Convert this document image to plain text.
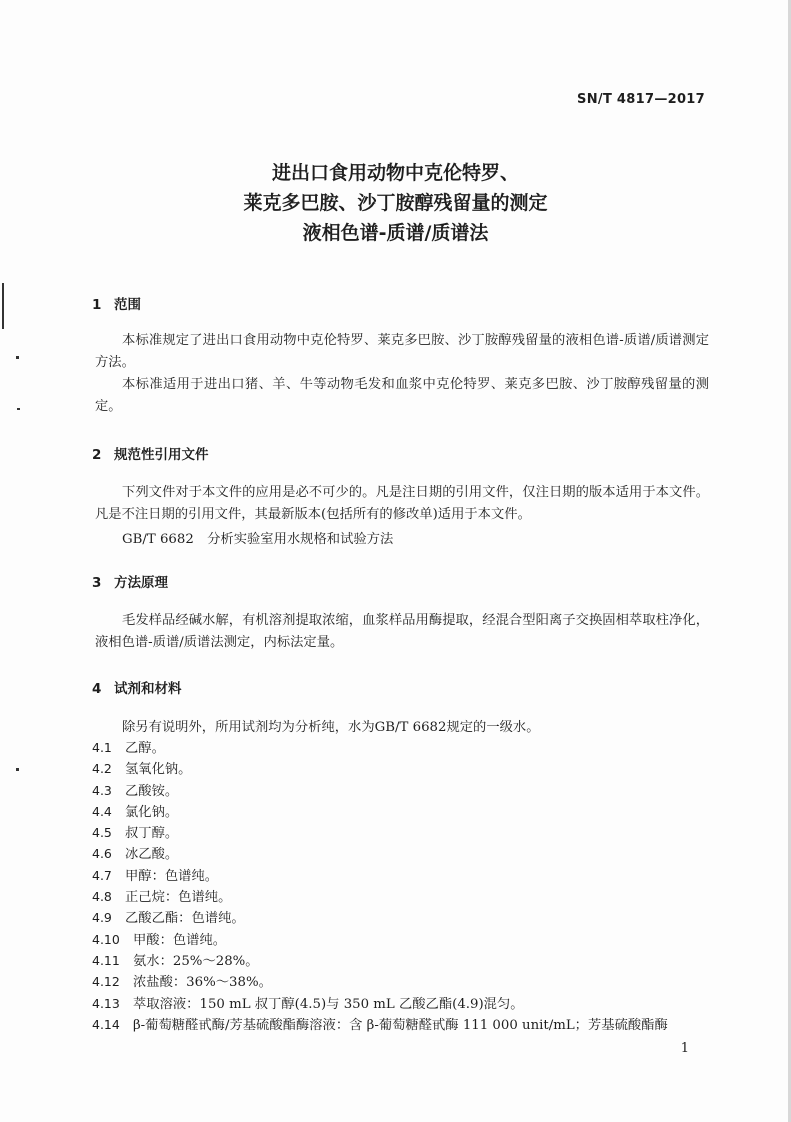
SN/T 4817—2017
进出口食用动物中克伦特罗、
莱克多巴胺、沙丁胺醇残留量的测定
液相色谱-质谱/质谱法
1 范围
本标准规定了进出口食用动物中克伦特罗、莱克多巴胺、沙丁胺醇残留量的液相色谱-质谱/质谱测定方法。
本标准适用于进出口猪、羊、牛等动物毛发和血浆中克伦特罗、莱克多巴胺、沙丁胺醇残留量的测定。
2 规范性引用文件
下列文件对于本文件的应用是必不可少的。凡是注日期的引用文件，仅注日期的版本适用于本文件。凡是不注日期的引用文件，其最新版本(包括所有的修改单)适用于本文件。
GB/T 6682　分析实验室用水规格和试验方法
3 方法原理
毛发样品经碱水解，有机溶剂提取浓缩，血浆样品用酶提取，经混合型阳离子交换固相萃取柱净化，液相色谱-质谱/质谱法测定，内标法定量。
4 试剂和材料
除另有说明外，所用试剂均为分析纯，水为GB/T 6682规定的一级水。
4.1 乙醇。
4.2 氢氧化钠。
4.3 乙酸铵。
4.4 氯化钠。
4.5 叔丁醇。
4.6 冰乙酸。
4.7 甲醇：色谱纯。
4.8 正己烷：色谱纯。
4.9 乙酸乙酯：色谱纯。
4.10 甲酸：色谱纯。
4.11 氨水：25%～28%。
4.12 浓盐酸：36%～38%。
4.13 萃取溶液：150 mL 叔丁醇(4.5)与 350 mL 乙酸乙酯(4.9)混匀。
4.14 β-葡萄糖醛甙酶/芳基硫酸酯酶溶液：含 β-葡萄糖醛甙酶 111 000 unit/mL；芳基硫酸酯酶
1
